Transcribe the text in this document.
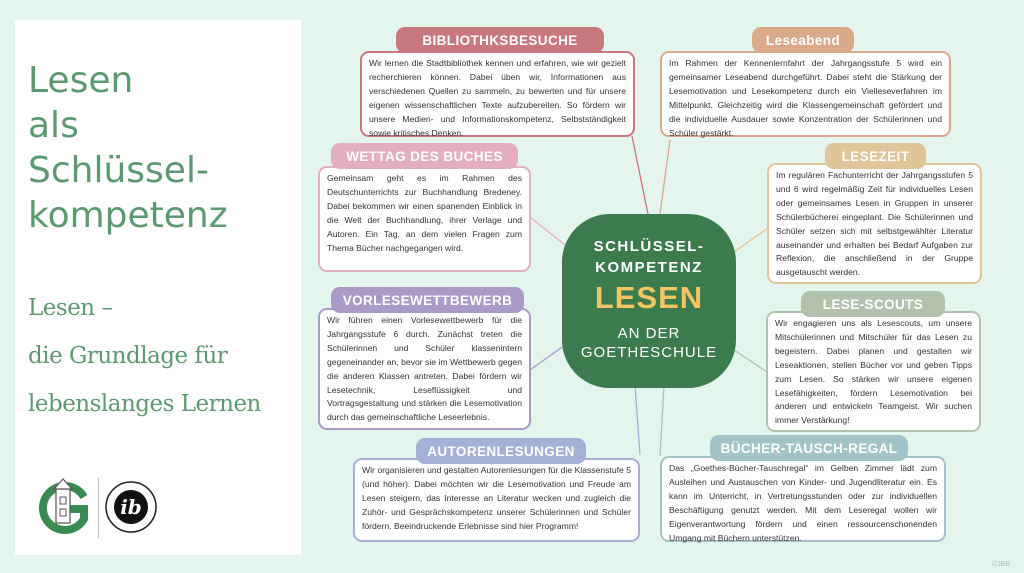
Lesen
als
Schlüssel-
kompetenz
Lesen –
die Grundlage für
lebenslanges Lernen
ib
SCHLÜSSEL-
KOMPETENZ
LESEN
AN DER
GOETHESCHULE
BIBLIOTHKSBESUCHE
Wir lernen die Stadtbibliothek kennen und erfahren, wie wir gezielt recherchieren können. Dabei üben wir, Informationen aus verschiedenen Quellen zu sammeln, zu bewerten und für unsere eigenen wissenschaftlichen Texte aufzubereiten. So fördern wir unsere Medien- und Informationskompetenz, Selbstständigkeit sowie kritisches Denken.
Leseabend
Im Rahmen der Kennenlernfahrt der Jahrgangsstufe 5 wird ein gemeinsamer Leseabend durchgeführt. Dabei steht die Stärkung der Lesemotivation und Lesekompetenz durch ein Vielleseverfahren im Mittelpunkt. Gleichzeitig wird die Klassengemeinschaft gefördert und die individuelle Ausdauer sowie Konzentration der Schülerinnen und Schüler gestärkt.
WETTAG DES BUCHES
Gemeinsam geht es im Rahmen des Deutschunterrichts zur Buchhandlung Bredeney. Dabei bekommen wir einen spanenden Einblick in die Welt der Buchhandlung, ihrer Verlage und Autoren. Ein Tag, an dem vielen Fragen zum Thema Bücher nachgegangen wird.
LESEZEIT
Im regulären Fachunterricht der Jahrgangsstufen 5 und 6 wird regelmäßig Zeit für individuelles Lesen oder gemeinsames Lesen in Gruppen in unserer Schülerbücherei eingeplant. Die Schülerinnen und Schüler setzen sich mit selbstgewählter Literatur auseinander und erhalten bei Bedarf Aufgaben zur Reflexion, die anschließend in der Gruppe ausgetauscht werden.
VORLESEWETTBEWERB
Wir führen einen Vorlesewettbewerb für die Jahrgangsstufe 6 durch. Zunächst treten die Schülerinnen und Schüler klassenintern gegeneinander an, bevor sie im Wettbewerb gegen die anderen Klassen antreten. Dabei fördern wir Lesetechnik, Leseflüssigkeit und Vortragsgestaltung und stärken die Lesemotivation durch das gemeinschaftliche Leseerlebnis.
LESE-SCOUTS
Wir engagieren uns als Lesescouts, um unsere Mitschülerinnen und Mitschüler für das Lesen zu begeistern. Dabei planen und gestalten wir Leseaktionen, stellen Bücher vor und geben Tipps zum Lesen. So stärken wir unsere eigenen Lesefähigkeiten, fördern Lesemotivation bei anderen und entwickeln Teamgeist. Wir suchen immer Verstärkung!
AUTORENLESUNGEN
Wir organisieren und gestalten Autorenlesungen für die Klassenstufe 5 (und höher). Dabei möchten wir die Lesemotivation und Freude am Lesen steigern, das Interesse an Literatur wecken und zugleich die Zuhör- und Gesprächskompetenz unserer Schülerinnen und Schüler fördern. Beeindruckende Erlebnisse sind hier Programm!
BÜCHER-TAUSCH-REGAL
Das „Goethes-Bücher-Tauschregal“ im Gelben Zimmer lädt zum Ausleihen und Austauschen von Kinder- und Jugendliteratur ein. Es kann im Unterricht, in Vertretungsstunden oder zur individuellen Beschäftigung genutzt werden. Mit dem Leseregal wollen wir Eigenverantwortung fördern und einen ressourcenschonenden Umgang mit Büchern unterstützen.
©JBB
